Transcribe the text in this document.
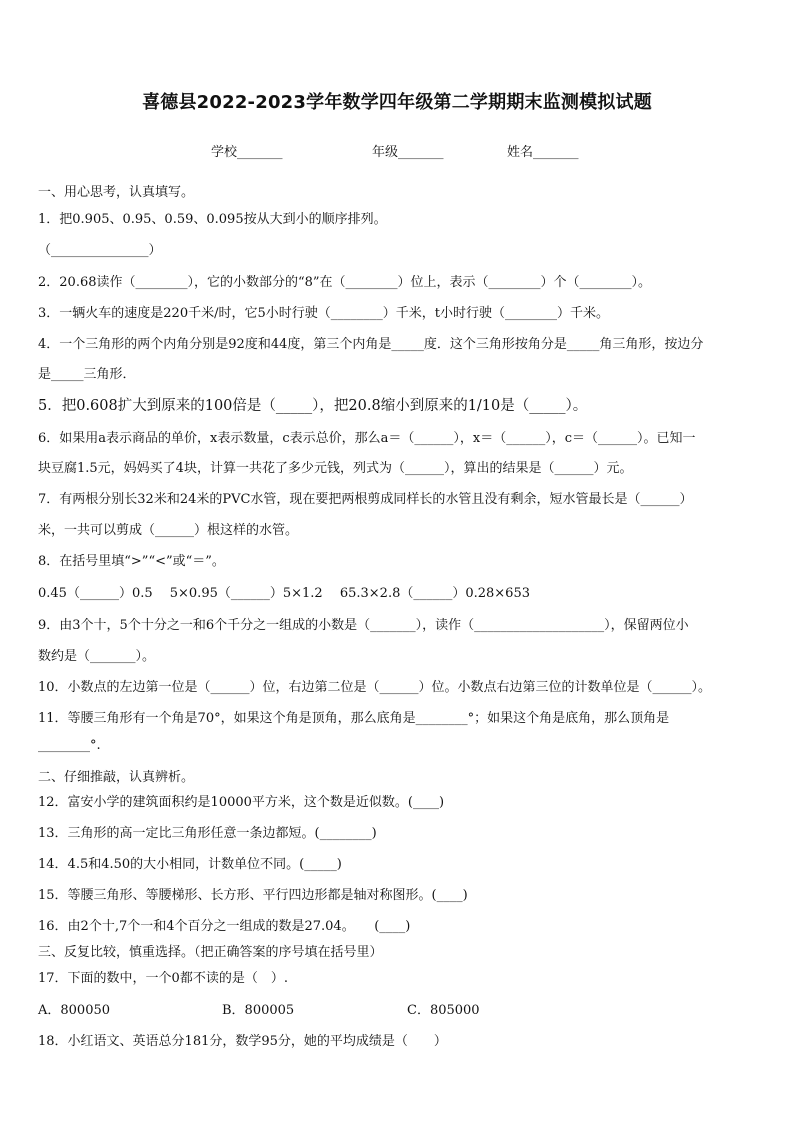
喜德县2022-2023学年数学四年级第二学期期末监测模拟试题
学校_______	年级_______	姓名_______
一、用心思考，认真填写。
1．把0.905、0.95、0.59、0.095按从大到小的顺序排列。
（_______________）
2．20.68读作（________），它的小数部分的“8”在（________）位上，表示（________）个（________）。
3．一辆火车的速度是220千米/时，它5小时行驶（________）千米，t小时行驶（________）千米。
4．一个三角形的两个内角分别是92度和44度，第三个内角是_____度．这个三角形按角分是_____角三角形，按边分
是_____三角形．
5．把0.608扩大到原来的100倍是（_____），把20.8缩小到原来的1/10是（_____）。
6．如果用a表示商品的单价，x表示数量，c表示总价，那么a＝（______），x＝（______），c＝（______）。已知一
块豆腐1.5元，妈妈买了4块，计算一共花了多少元钱，列式为（______），算出的结果是（______）元。
7．有两根分别长32米和24米的PVC水管，现在要把两根剪成同样长的水管且没有剩余，短水管最长是（______）
米，一共可以剪成（______）根这样的水管。
8．在括号里填“>”“<”或“＝”。
0.45（______）0.5　 5×0.95（______）5×1.2　 65.3×2.8（______）0.28×653
9．由3个十，5个十分之一和6个千分之一组成的小数是（_______），读作（____________________），保留两位小
数约是（_______）。
10．小数点的左边第一位是（______）位，右边第二位是（______）位。小数点右边第三位的计数单位是（______）。
11．等腰三角形有一个角是70°，如果这个角是顶角，那么底角是________°；如果这个角是底角，那么顶角是
________°.
二、仔细推敲，认真辨析。
12．富安小学的建筑面积约是10000平方米，这个数是近似数。(____)
13．三角形的高一定比三角形任意一条边都短。(________)
14．4.5和4.50的大小相同，计数单位不同。(_____)
15．等腰三角形、等腰梯形、长方形、平行四边形都是轴对称图形。(____)
16．由2个十,7个一和4个百分之一组成的数是27.04。　　(____)
三、反复比较，慎重选择。（把正确答案的序号填在括号里）
17．下面的数中，一个0都不读的是（　）.
A．800050	B．800005	C．805000
18．小红语文、英语总分181分，数学95分，她的平均成绩是（　　）
